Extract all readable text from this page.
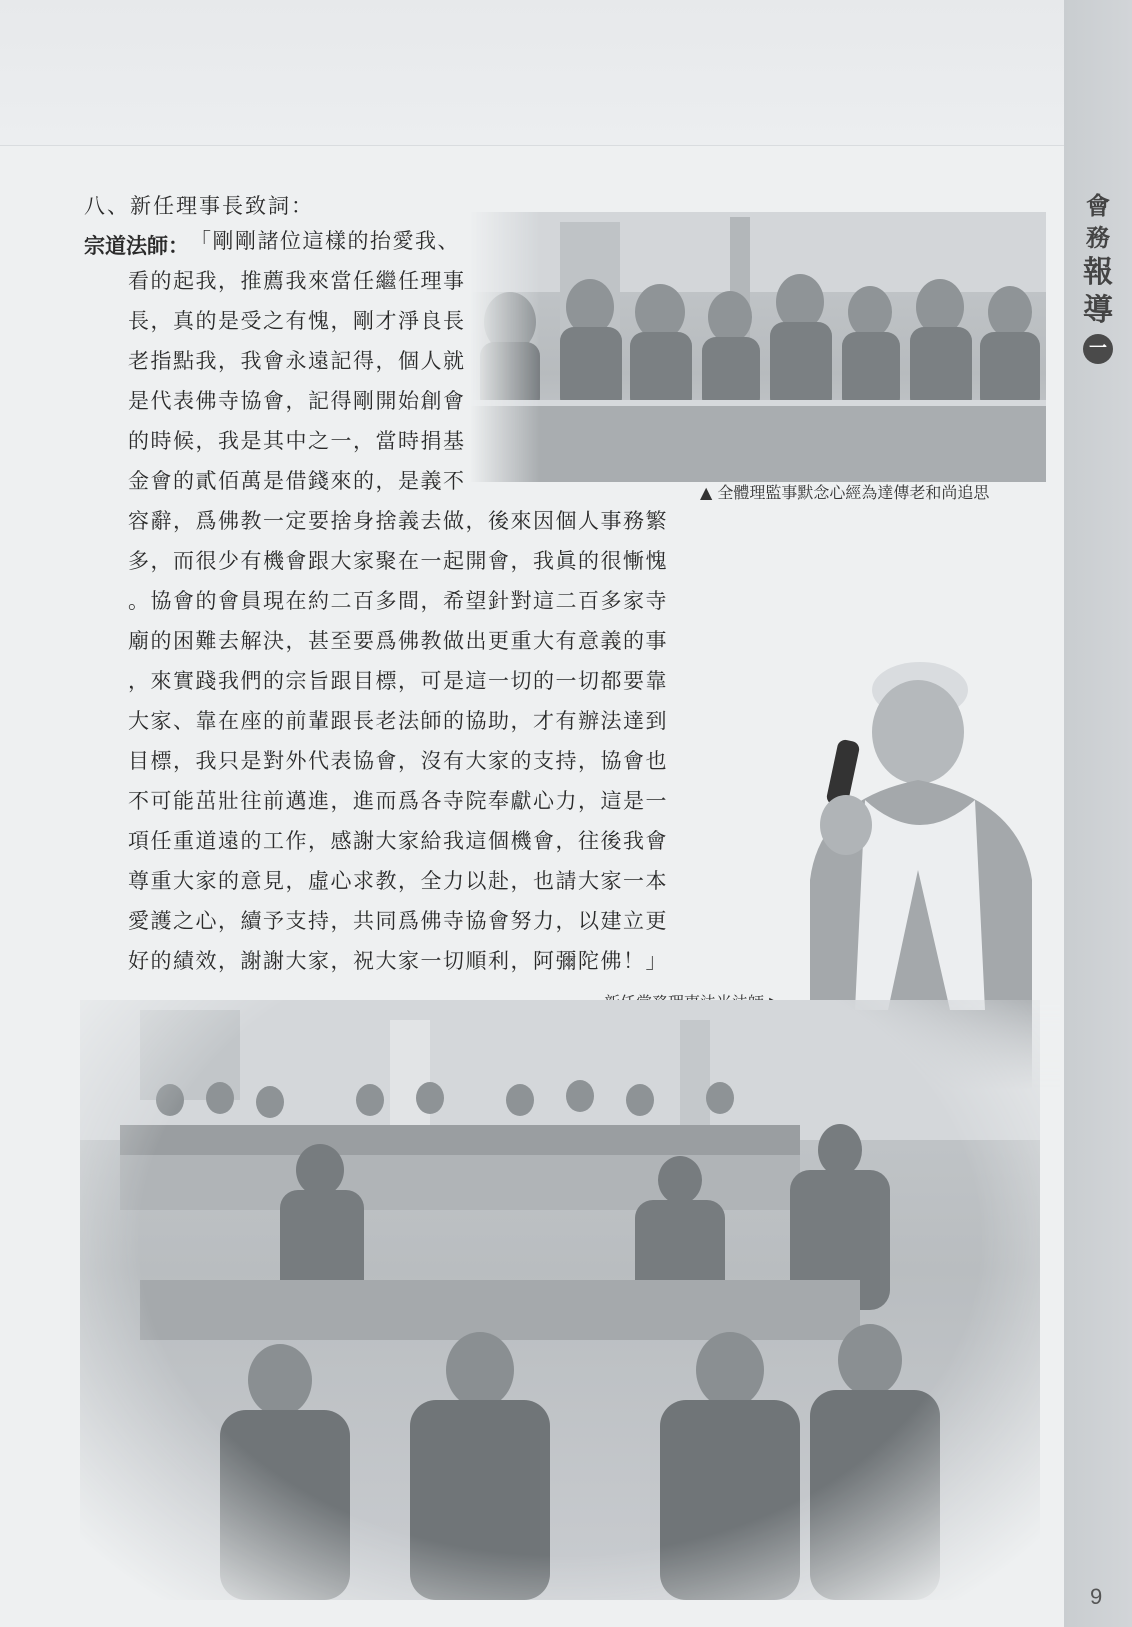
會
務
報
導
一
▲ 全體理監事默念心經為達傳老和尚追思
八、新任理事長致詞：
宗道法師： 「剛剛諸位這樣的抬愛我、
看的起我，推薦我來當任繼任理事
長，真的是受之有愧，剛才淨良長
老指點我，我會永遠記得，個人就
是代表佛寺協會，記得剛開始創會
的時候，我是其中之一，當時捐基
金會的貳佰萬是借錢來的，是義不
容辭，爲佛教一定要捨身捨義去做，後來因個人事務繁
多，而很少有機會跟大家聚在一起開會，我眞的很慚愧
。協會的會員現在約二百多間，希望針對這二百多家寺
廟的困難去解決，甚至要爲佛教做出更重大有意義的事
，來實踐我們的宗旨跟目標，可是這一切的一切都要靠
大家、靠在座的前輩跟長老法師的協助，才有辦法達到
目標，我只是對外代表協會，沒有大家的支持，協會也
不可能茁壯往前邁進，進而爲各寺院奉獻心力，這是一
項任重道遠的工作，感謝大家給我這個機會，往後我會
尊重大家的意見，虛心求教，全力以赴，也請大家一本
愛護之心，續予支持，共同爲佛寺協會努力，以建立更
好的績效，謝謝大家，祝大家一切順利，阿彌陀佛！」
9
